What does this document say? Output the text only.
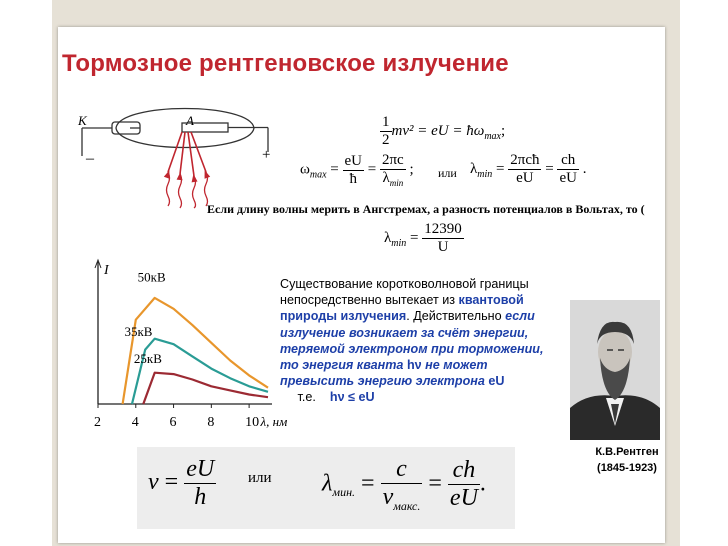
Тормозное рентгеновское излучение
K	A
–	+
$\frac{1}{2} mv^2$ = eU = $ħ\omega_{max}$;
$\omega_{max} = \frac{eU}{ħ}$ =
2πc
$\lambda_{min}$
; или $\lambda_{min}$ =
2πcħ
eU
= $\frac{ch}{eU}$ .
Если длину волны мерить в Ангстремах, а разность потенциалов в Вольтах, то (
$\lambda_{min} = \frac{12390}{U}$
I
2 4 6 8 10 λ, нм
50кВ
35кВ
25кВ
Существование коротковолновой границы непосредственно вытекает из квантовой природы излучения. Действительно если излучение возникает за счёт энергии, теряемой электроном при торможении, то энергия кванта hν не может превысить энергию электрона eU     т.е.    hν ≤ eU
К.В.Рентген
(1845-1923)
$\nu = \frac{eU}{h}$ или $\lambda_{мин.}$ =
c
$\nu_{макс.}$
= $\frac{ch}{eU}$ .
